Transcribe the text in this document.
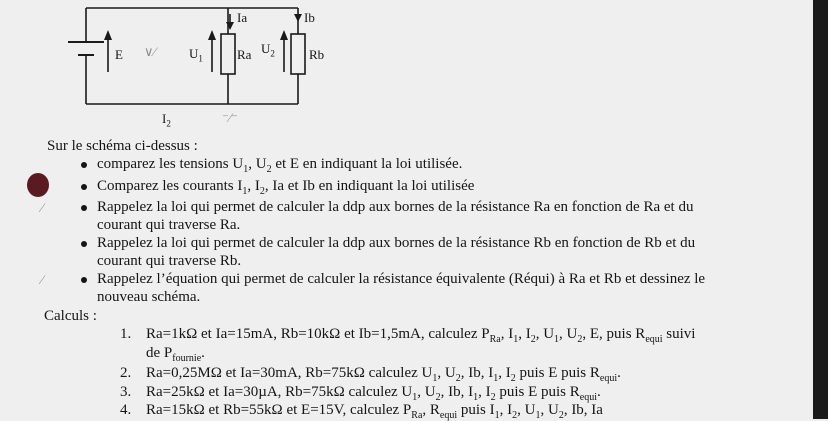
Ia	Ib
E	$U_1$	Ra $U_2$	Rb
$I_2$
∨⁄
⁻∕⁻
Sur le schéma ci-dessus :
comparez les tensions $U_1$, $U_2$ et E en indiquant la loi utilisée.
Comparez les courants $I_1$, $I_2$, Ia et Ib en indiquant la loi utilisée
⁄	Rappelez la loi qui permet de calculer la ddp aux bornes de la résistance Ra en fonction de Ra et du
courant qui traverse Ra.
Rappelez la loi qui permet de calculer la ddp aux bornes de la résistance Rb en fonction de Rb et du
courant qui traverse Rb.
⁄	Rappelez l’équation qui permet de calculer la résistance équivalente (Réqui) à Ra et Rb et dessinez le
nouveau schéma.
Calculs :
1. Ra=1kΩ et Ia=15mA, Rb=10kΩ et Ib=1,5mA, calculez $P_{Ra}$, $I_1$, $I_2$, $U_1$, $U_2$, E, puis $R_{equi}$ suivi
de $P_{fournie}$.
2. Ra=0,25MΩ et Ia=30mA, Rb=75kΩ calculez $U_1$, $U_2$, Ib, $I_1$, $I_2$ puis E puis $R_{equi}$.
3. Ra=25kΩ et Ia=30µA, Rb=75kΩ calculez $U_1$, $U_2$, Ib, $I_1$, $I_2$ puis E puis $R_{equi}$.
4. Ra=15kΩ et Rb=55kΩ et E=15V, calculez $P_{Ra}$, $R_{equi}$ puis $I_1$, $I_2$, $U_1$, $U_2$, Ib, Ia
